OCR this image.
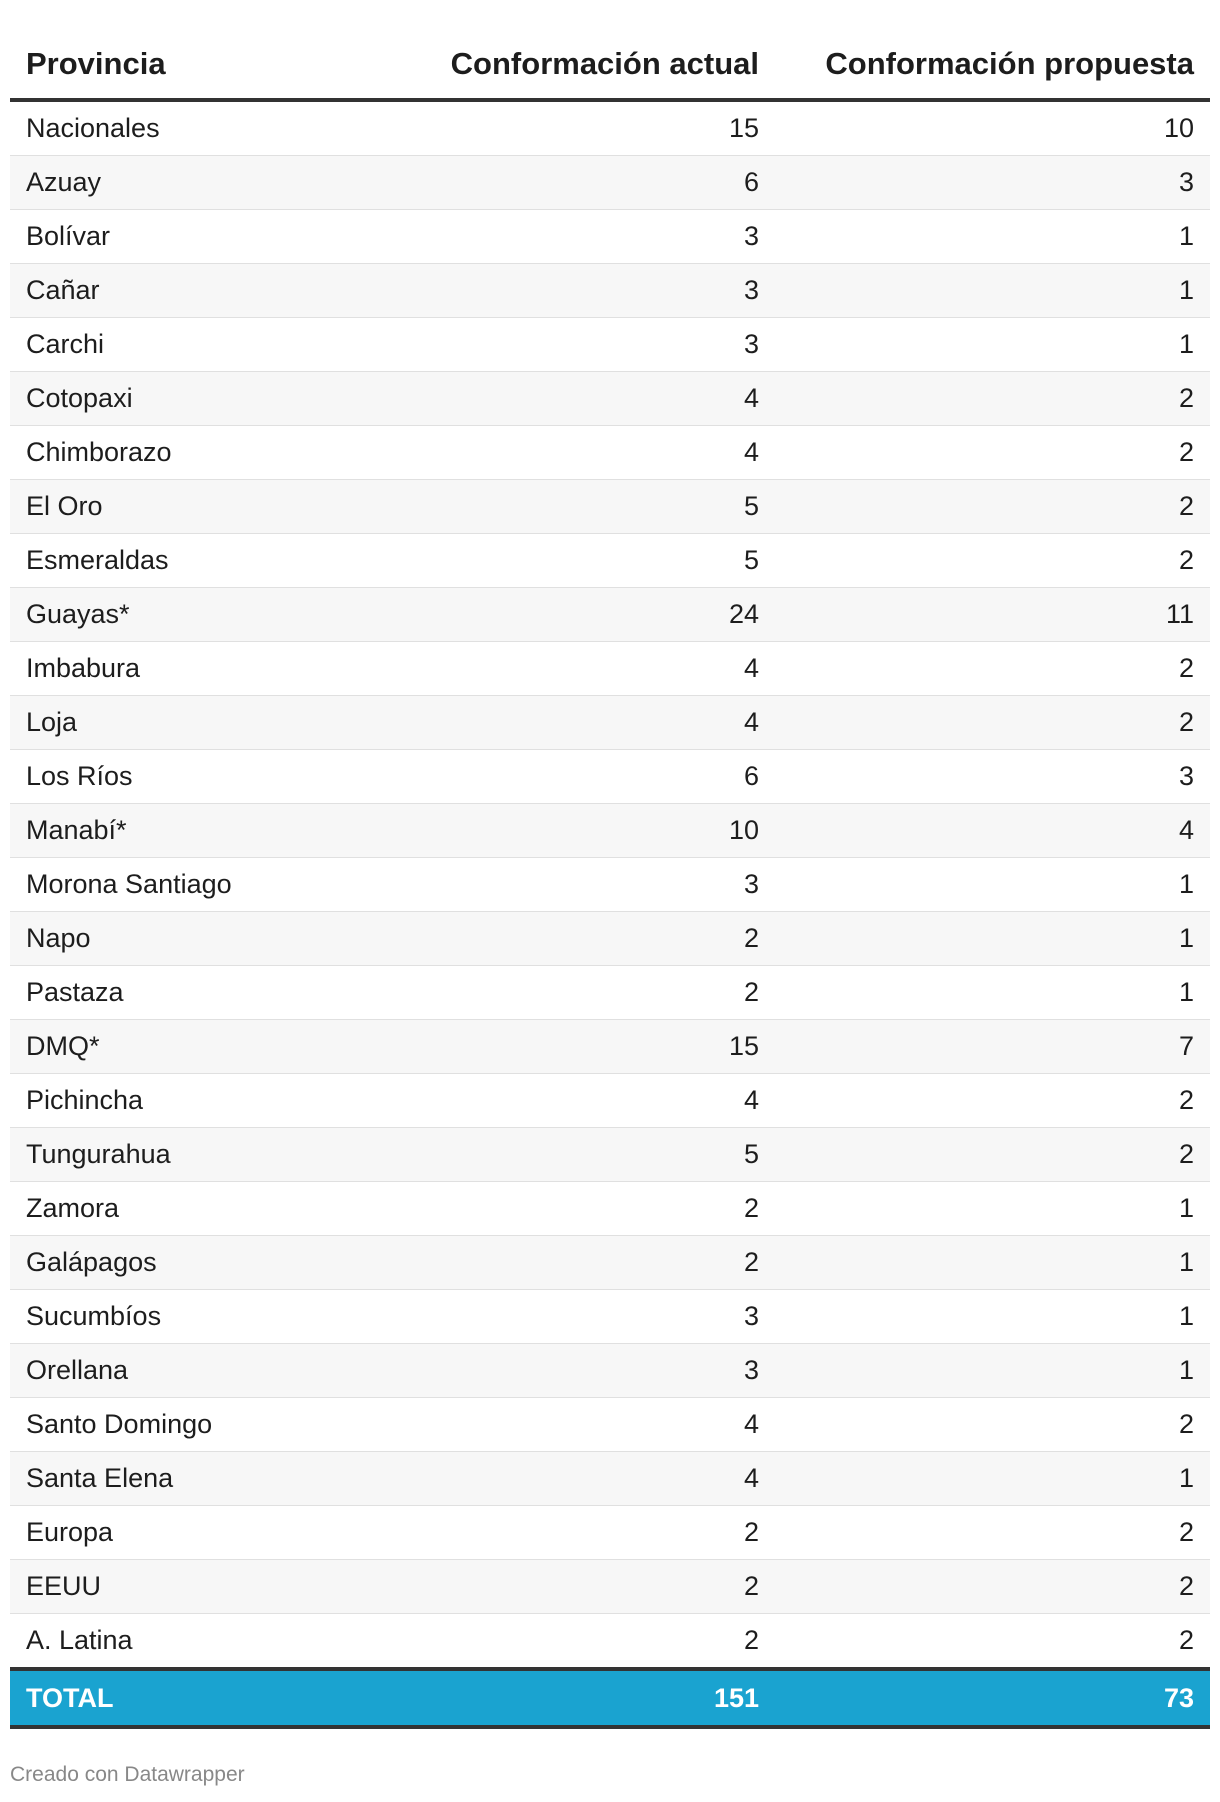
Provincia	Conformación actual	Conformación propuesta
Nacionales	15	10
Azuay	6	3
Bolívar	3	1
Cañar	3	1
Carchi	3	1
Cotopaxi	4	2
Chimborazo	4	2
El Oro	5	2
Esmeraldas	5	2
Guayas*	24	11
Imbabura	4	2
Loja	4	2
Los Ríos	6	3
Manabí*	10	4
Morona Santiago	3	1
Napo	2	1
Pastaza	2	1
DMQ*	15	7
Pichincha	4	2
Tungurahua	5	2
Zamora	2	1
Galápagos	2	1
Sucumbíos	3	1
Orellana	3	1
Santo Domingo	4	2
Santa Elena	4	1
Europa	2	2
EEUU	2	2
A. Latina	2	2
TOTAL	151	73
Creado con Datawrapper
